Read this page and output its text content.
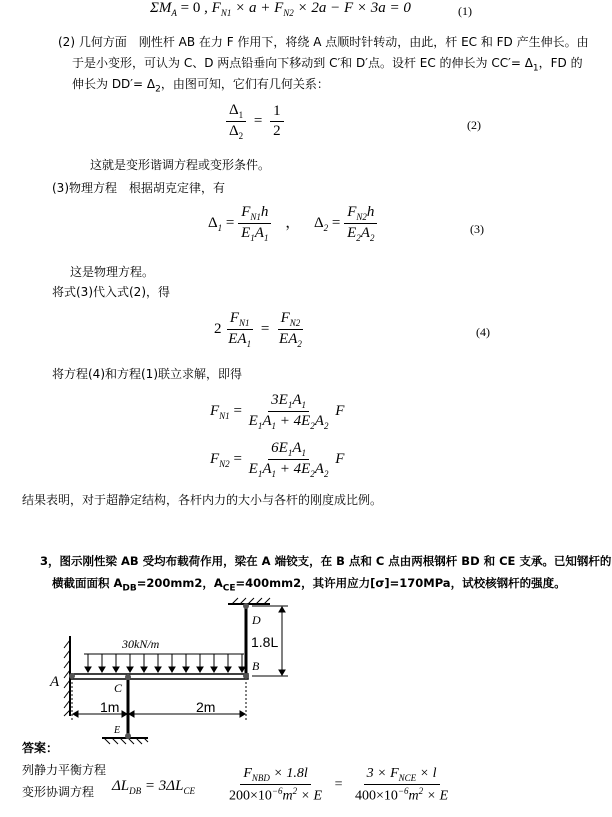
$\Sigma M_A = 0$ , $F_{N1} \times a + F_{N2} \times 2a - F \times 3a = 0$	(1)
(2) 几何方面　刚性杆 AB 在力 F 作用下，将绕 A 点顺时针转动，由此，杆 EC 和 FD 产生伸长。由
于是小变形，可认为 C、D 两点铅垂向下移动到 C′和 D′点。设杆 EC 的伸长为 $CC'= \Delta_1$，FD 的
伸长为 $DD'= \Delta_2$，由图可知，它们有几何关系：
$\frac{\Delta_1}{\Delta_2} = \frac{1}{2}$	(2)
这就是变形谐调方程或变形条件。
(3)物理方程　根据胡克定律，有
$\Delta_1 = \frac{F_{N1}h}{E_1A_1}$ ， $\Delta_2 = \frac{F_{N2}h}{E_2A_2}$	(3)
这是物理方程。
将式(3)代入式(2)，得
$2 \frac{F_{N1}}{EA_1} = \frac{F_{N2}}{EA_2}$	(4)
将方程(4)和方程(1)联立求解，即得
$F_{N1} = \frac{3E_1A_1}{E_1A_1 + 4E_2A_2}$ F
$F_{N2} = \frac{6E_1A_1}{E_1A_1 + 4E_2A_2}$ F
结果表明，对于超静定结构，各杆内力的大小与各杆的刚度成比例。
3，图示刚性梁 AB 受均布载荷作用，梁在 A 端铰支，在 B 点和 C 点由两根钢杆 BD 和 CE 支承。已知钢杆的
横截面面积 $A_{DB}=200mm2$，$A_{CE}=400mm2$，其许用应力[σ]=170MPa，试校核钢杆的强度。
30kN/m
A
B
C
D
E
1.8L
1m	2m
答案：
列静力平衡方程
变形协调方程 $\Delta L_{DB} = 3\Delta L_{CE} \frac{F_{NBD} \times 1.8l}{200\times 10^{-6}m^2 \times E} = \frac{3 \times F_{NCE} \times l}{400\times 10^{-6}m^2 \times E}$
